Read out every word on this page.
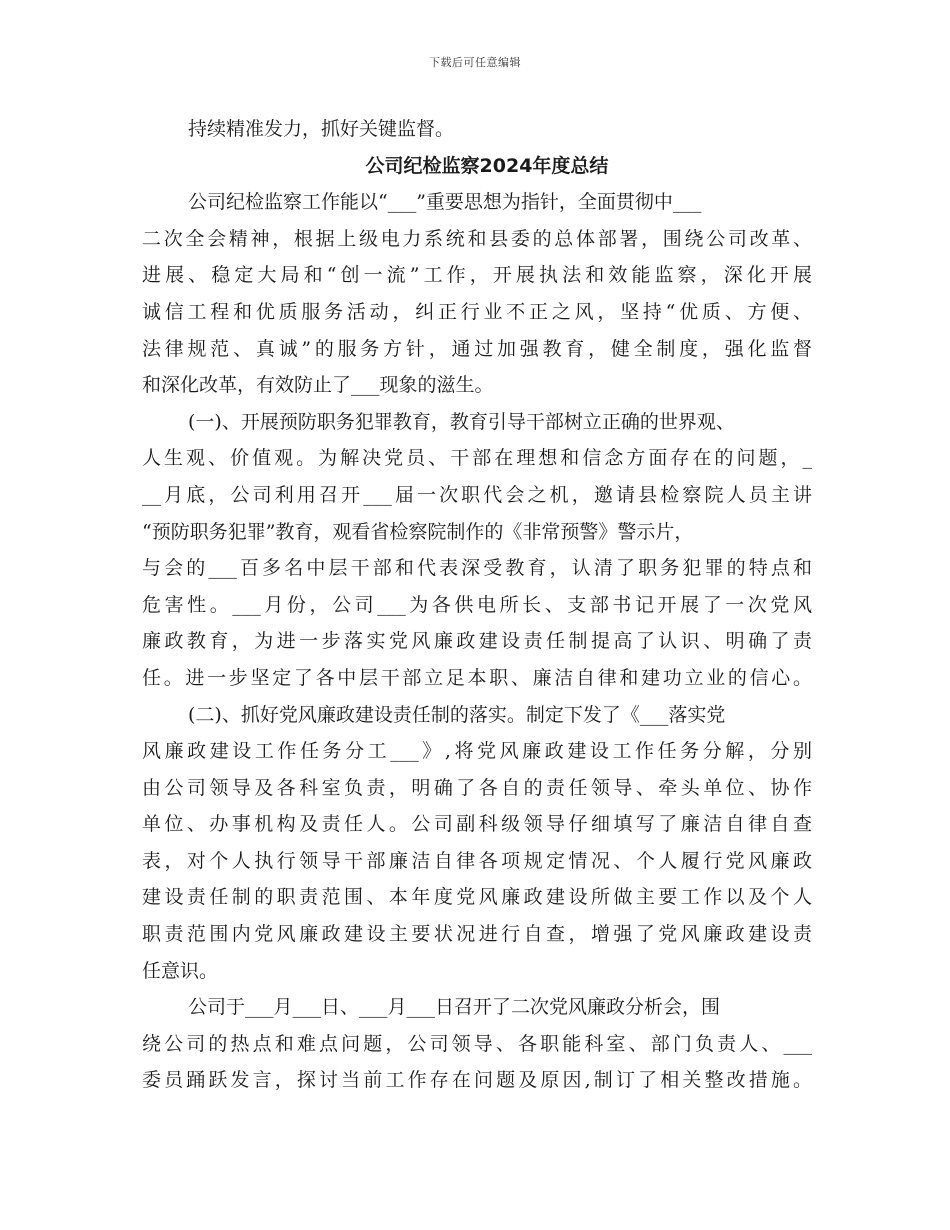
下载后可任意编辑
持续精准发力，抓好关键监督。
公司纪检监察2024年度总结
公司纪检监察工作能以“___”重要思想为指针，全面贯彻中___
二次全会精神，根据上级电力系统和县委的总体部署，围绕公司改革、
进展、稳定大局和“创一流”工作，开展执法和效能监察，深化开展
诚信工程和优质服务活动，纠正行业不正之风，坚持“优质、方便、
法律规范、真诚”的服务方针，通过加强教育，健全制度，强化监督
和深化改革，有效防止了___现象的滋生。
(一)、开展预防职务犯罪教育，教育引导干部树立正确的世界观、
人生观、价值观。为解决党员、干部在理想和信念方面存在的问题，_
__月底，公司利用召开___届一次职代会之机，邀请县检察院人员主讲
“预防职务犯罪”教育，观看省检察院制作的《非常预警》警示片，
与会的___百多名中层干部和代表深受教育，认清了职务犯罪的特点和
危害性。___月份，公司___为各供电所长、支部书记开展了一次党风
廉政教育，为进一步落实党风廉政建设责任制提高了认识、明确了责
任。进一步坚定了各中层干部立足本职、廉洁自律和建功立业的信心。
(二)、抓好党风廉政建设责任制的落实。制定下发了《___落实党
风廉政建设工作任务分工___》,将党风廉政建设工作任务分解，分别
由公司领导及各科室负责，明确了各自的责任领导、牵头单位、协作
单位、办事机构及责任人。公司副科级领导仔细填写了廉洁自律自查
表，对个人执行领导干部廉洁自律各项规定情况、个人履行党风廉政
建设责任制的职责范围、本年度党风廉政建设所做主要工作以及个人
职责范围内党风廉政建设主要状况进行自查，增强了党风廉政建设责
任意识。
公司于___月___日、___月___日召开了二次党风廉政分析会，围
绕公司的热点和难点问题，公司领导、各职能科室、部门负责人、___
委员踊跃发言，探讨当前工作存在问题及原因,制订了相关整改措施。
